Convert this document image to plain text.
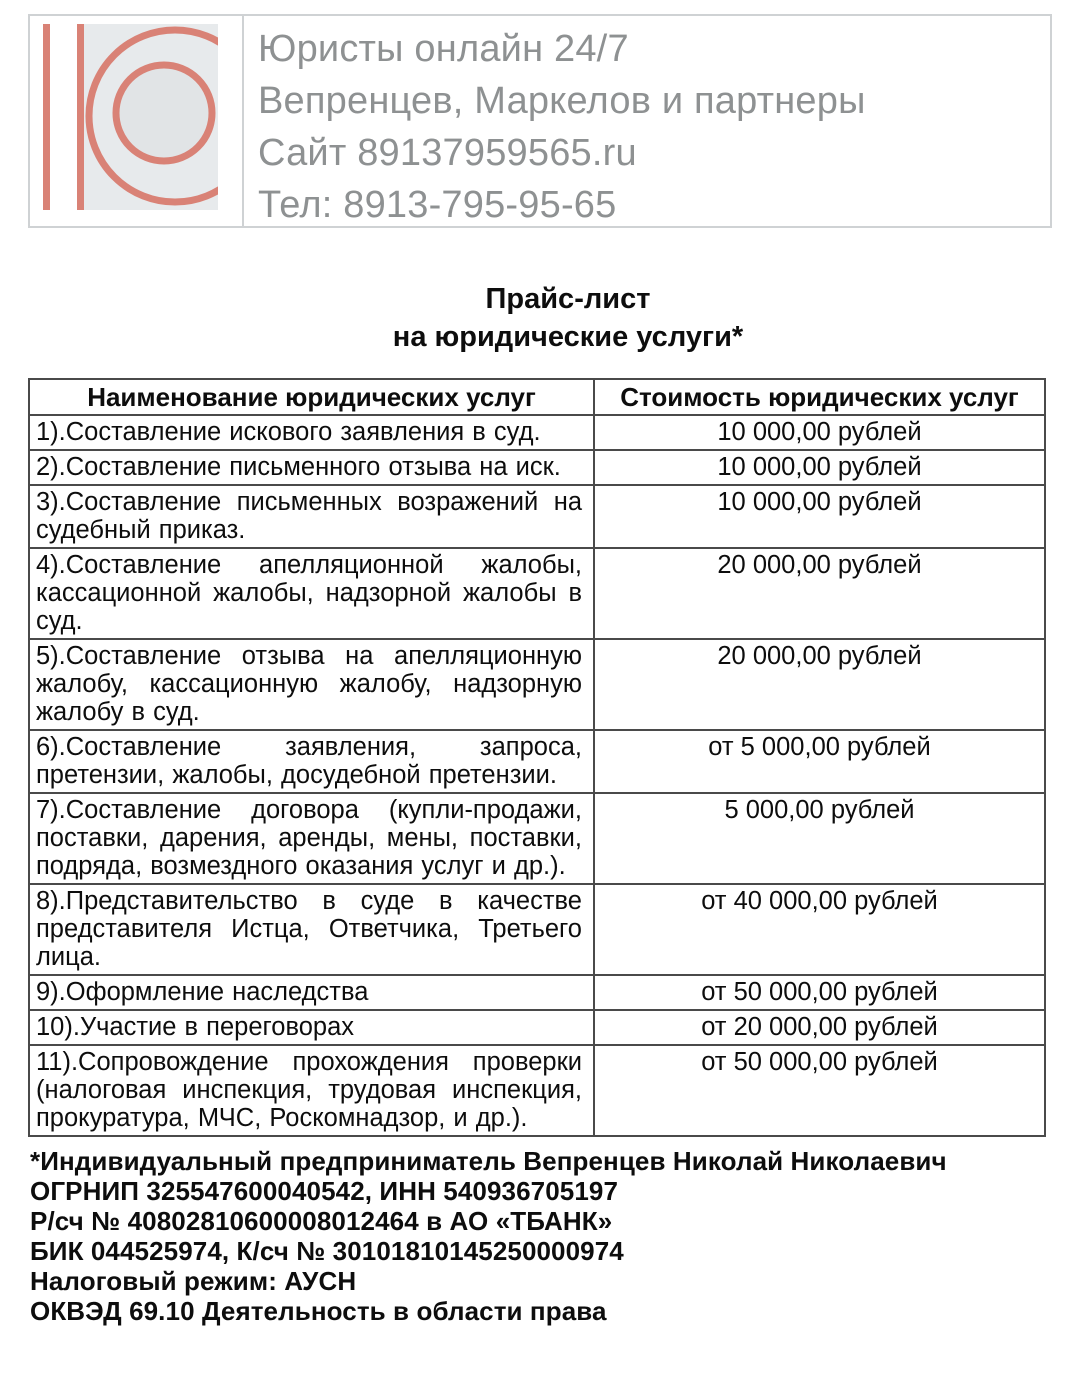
Юристы онлайн 24/7
Вепренцев, Маркелов и партнеры
Сайт 89137959565.ru
Тел: 8913-795-95-65
Прайс-лист
на юридические услуги*
Наименование юридических услуг	Стоимость юридических услуг
1).Составление искового заявления в суд.	10 000,00 рублей
2).Составление письменного отзыва на иск.	10 000,00 рублей
3).Составление письменных возражений на судебный приказ.	10 000,00 рублей
4).Составление апелляционной жалобы, кассационной жалобы, надзорной жалобы в суд.	20 000,00 рублей
5).Составление отзыва на апелляционную жалобу, кассационную жалобу, надзорную жалобу в суд.	20 000,00 рублей
6).Составление заявления, запроса, претензии, жалобы, досудебной претензии.	от 5 000,00 рублей
7).Составление договора (купли-продажи, поставки, дарения, аренды, мены, поставки, подряда, возмездного оказания услуг и др.).	5 000,00 рублей
8).Представительство в суде в качестве представителя Истца, Ответчика, Третьего лица.	от 40 000,00 рублей
9).Оформление наследства	от 50 000,00 рублей
10).Участие в переговорах	от 20 000,00 рублей
11).Сопровождение прохождения проверки (налоговая инспекция, трудовая инспекция, прокуратура, МЧС, Роскомнадзор, и др.).	от 50 000,00 рублей
*Индивидуальный предприниматель Вепренцев Николай Николаевич
ОГРНИП 325547600040542, ИНН 540936705197
Р/сч № 40802810600008012464 в АО «ТБАНК»
БИК 044525974, К/сч № 30101810145250000974
Налоговый режим: АУСН
ОКВЭД 69.10 Деятельность в области права
